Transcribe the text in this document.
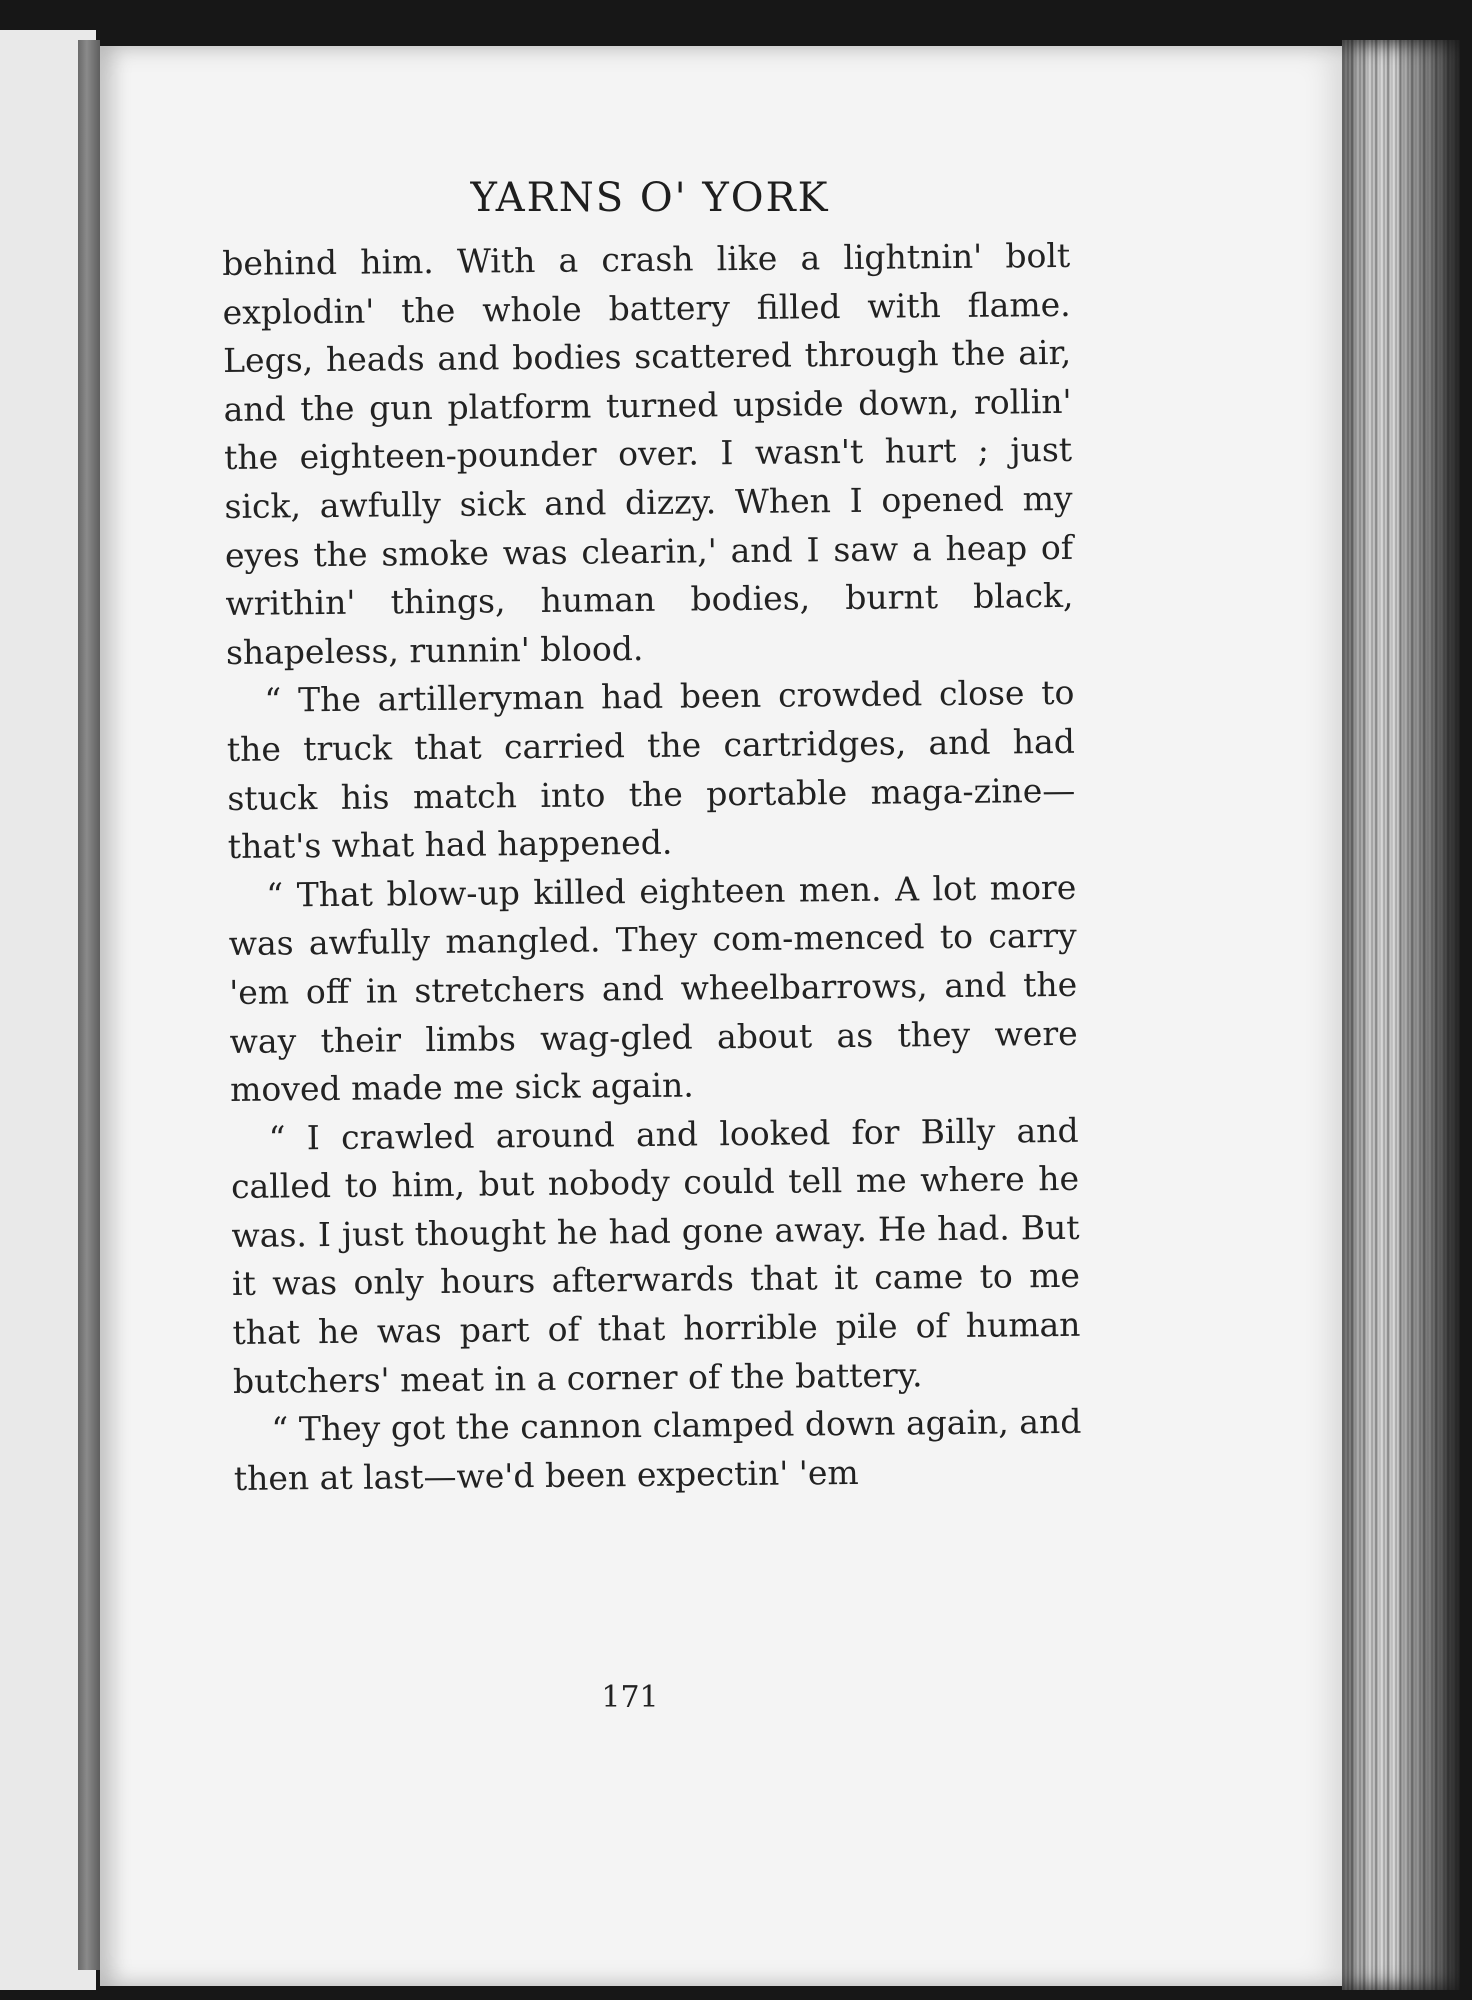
YARNS O' YORK

behind him. With a crash like a lightnin' bolt explodin' the whole battery filled with flame. Legs, heads and bodies scattered through the air, and the gun platform turned upside down, rollin' the eighteen-pounder over. I wasn't hurt ; just sick, awfully sick and dizzy. When I opened my eyes the smoke was clearin,' and I saw a heap of writhin' things, human bodies, burnt black, shapeless, runnin' blood.

“ The artilleryman had been crowded close to the truck that carried the cartridges, and had stuck his match into the portable maga-zine—that's what had happened.

“ That blow-up killed eighteen men. A lot more was awfully mangled. They com-menced to carry 'em off in stretchers and wheelbarrows, and the way their limbs wag-gled about as they were moved made me sick again.

“ I crawled around and looked for Billy and called to him, but nobody could tell me where he was. I just thought he had gone away. He had. But it was only hours afterwards that it came to me that he was part of that horrible pile of human butchers' meat in a corner of the battery.

“ They got the cannon clamped down again, and then at last—we'd been expectin' 'em

171
